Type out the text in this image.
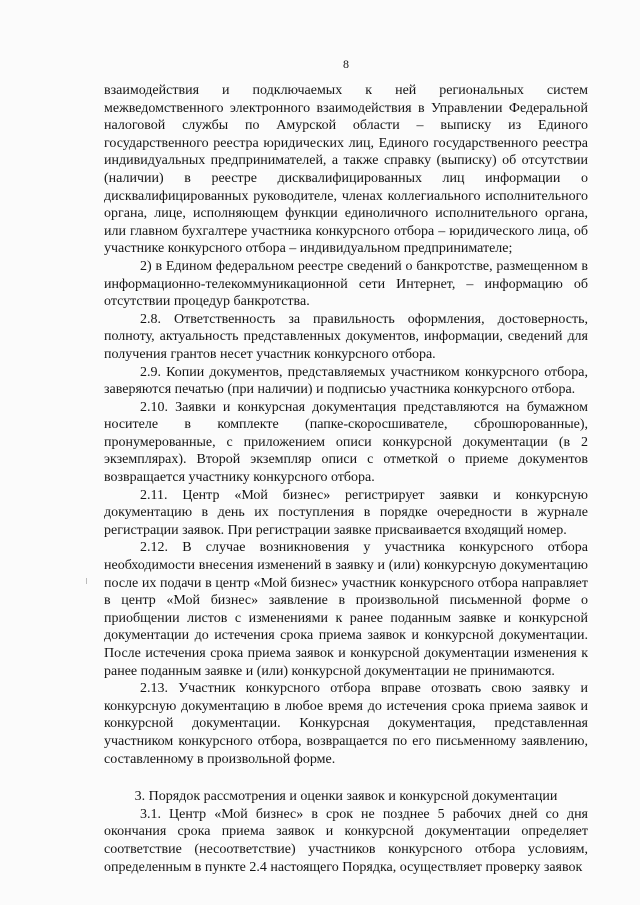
8

взаимодействия и подключаемых к ней региональных систем межведомственного электронного взаимодействия в Управлении Федеральной налоговой службы по Амурской области – выписку из Единого государственного реестра юридических лиц, Единого государственного реестра индивидуальных предпринимателей, а также справку (выписку) об отсутствии (наличии) в реестре дисквалифицированных лиц информации о дисквалифицированных руководителе, членах коллегиального исполнительного органа, лице, исполняющем функции единоличного исполнительного органа, или главном бухгалтере участника конкурсного отбора – юридического лица, об участнике конкурсного отбора – индивидуальном предпринимателе;

2) в Едином федеральном реестре сведений о банкротстве, размещенном в информационно-телекоммуникационной сети Интернет, – информацию об отсутствии процедур банкротства.

2.8. Ответственность за правильность оформления, достоверность, полноту, актуальность представленных документов, информации, сведений для получения грантов несет участник конкурсного отбора.

2.9. Копии документов, представляемых участником конкурсного отбора, заверяются печатью (при наличии) и подписью участника конкурсного отбора.

2.10. Заявки и конкурсная документация представляются на бумажном носителе в комплекте (папке-скоросшивателе, сброшюрованные), пронумерованные, с приложением описи конкурсной документации (в 2 экземплярах). Второй экземпляр описи с отметкой о приеме документов возвращается участнику конкурсного отбора.

2.11. Центр «Мой бизнес» регистрирует заявки и конкурсную документацию в день их поступления в порядке очередности в журнале регистрации заявок. При регистрации заявке присваивается входящий номер.

2.12. В случае возникновения у участника конкурсного отбора необходимости внесения изменений в заявку и (или) конкурсную документацию после их подачи в центр «Мой бизнес» участник конкурсного отбора направляет в центр «Мой бизнес» заявление в произвольной письменной форме о приобщении листов с изменениями к ранее поданным заявке и конкурсной документации до истечения срока приема заявок и конкурсной документации. После истечения срока приема заявок и конкурсной документации изменения к ранее поданным заявке и (или) конкурсной документации не принимаются.

2.13. Участник конкурсного отбора вправе отозвать свою заявку и конкурсную документацию в любое время до истечения срока приема заявок и конкурсной документации. Конкурсная документация, представленная участником конкурсного отбора, возвращается по его письменному заявлению, составленному в произвольной форме.

3. Порядок рассмотрения и оценки заявок и конкурсной документации

3.1. Центр «Мой бизнес» в срок не позднее 5 рабочих дней со дня окончания срока приема заявок и конкурсной документации определяет соответствие (несоответствие) участников конкурсного отбора условиям, определенным в пункте 2.4 настоящего Порядка, осуществляет проверку заявок
